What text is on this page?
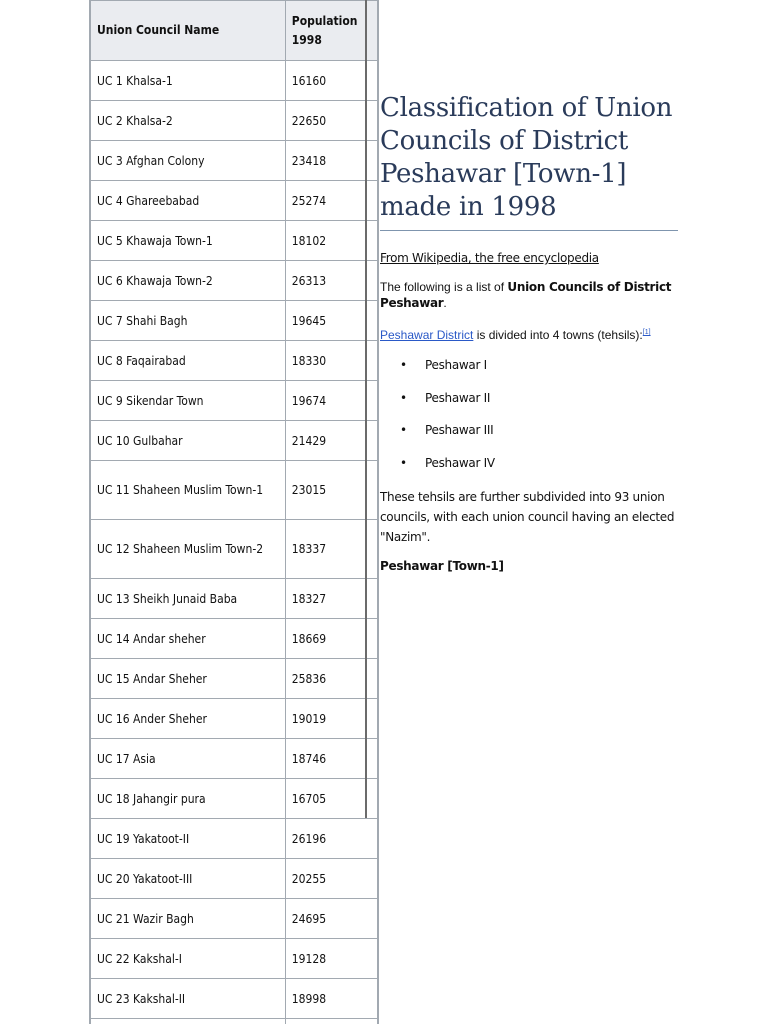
Union Council Name	Population 1998
UC 1 Khalsa-1	16160
UC 2 Khalsa-2	22650
UC 3 Afghan Colony	23418
UC 4 Ghareebabad	25274
UC 5 Khawaja Town-1	18102
UC 6 Khawaja Town-2	26313
UC 7 Shahi Bagh	19645
UC 8 Faqairabad	18330
UC 9 Sikendar Town	19674
UC 10 Gulbahar	21429
UC 11 Shaheen Muslim Town-1	23015
UC 12 Shaheen Muslim Town-2	18337
UC 13 Sheikh Junaid Baba	18327
UC 14 Andar sheher	18669
UC 15 Andar Sheher	25836
UC 16 Ander Sheher	19019
UC 17 Asia	18746
UC 18 Jahangir pura	16705
UC 19 Yakatoot-II	26196
UC 20 Yakatoot-III	20255
UC 21 Wazir Bagh	24695
UC 22 Kakshal-I	19128
UC 23 Kakshal-II	18998

Classification of Union Councils of District Peshawar [Town-1] made in 1998

From Wikipedia, the free encyclopedia

The following is a list of Union Councils of District Peshawar.

Peshawar District is divided into 4 towns (tehsils):[1]

• Peshawar I
• Peshawar II
• Peshawar III
• Peshawar IV

These tehsils are further subdivided into 93 union councils, with each union council having an elected "Nazim".

Peshawar [Town-1]
